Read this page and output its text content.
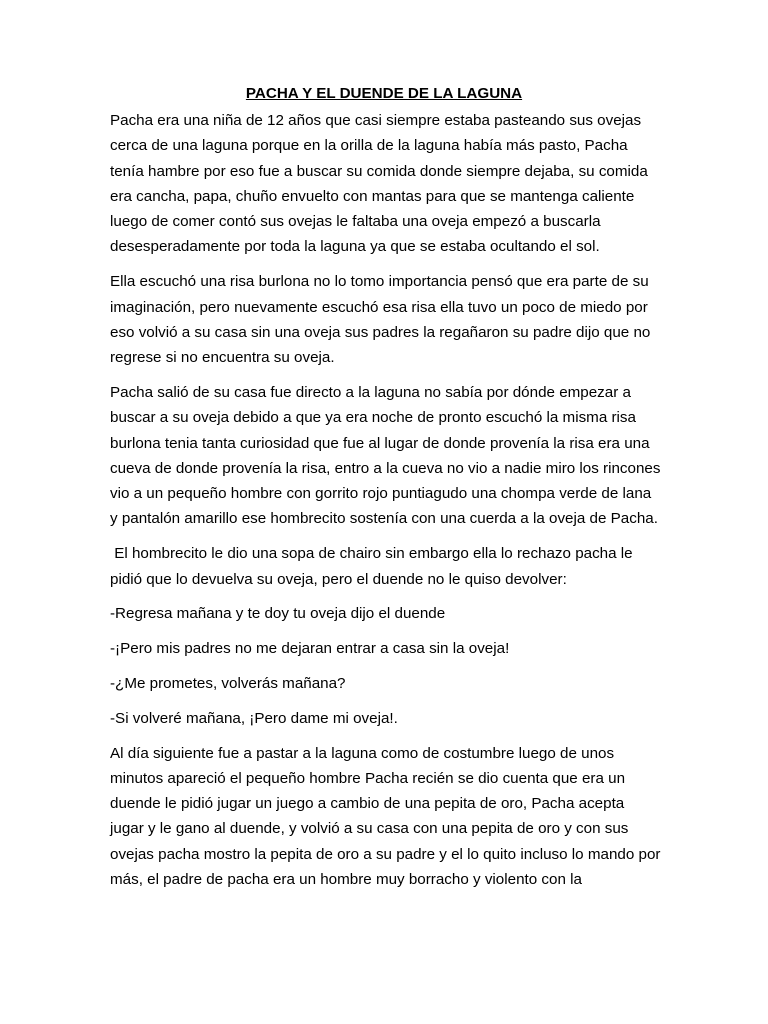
PACHA Y EL DUENDE DE LA LAGUNA

Pacha era una niña de 12 años que casi siempre estaba pasteando sus ovejas cerca de una laguna porque en la orilla de la laguna había más pasto, Pacha tenía hambre por eso fue a buscar su comida donde siempre dejaba, su comida era cancha, papa, chuño envuelto con mantas para que se mantenga caliente luego de comer contó sus ovejas le faltaba una oveja empezó a buscarla desesperadamente por toda la laguna ya que se estaba ocultando el sol.

Ella escuchó una risa burlona no lo tomo importancia pensó que era parte de su imaginación, pero nuevamente escuchó esa risa ella tuvo un poco de miedo por eso volvió a su casa sin una oveja sus padres la regañaron su padre dijo que no regrese si no encuentra su oveja.

Pacha salió de su casa fue directo a la laguna no sabía por dónde empezar a buscar a su oveja debido a que ya era noche de pronto escuchó la misma risa burlona tenia tanta curiosidad que fue al lugar de donde provenía la risa era una cueva de donde provenía la risa, entro a la cueva no vio a nadie miro los rincones vio a un pequeño hombre con gorrito rojo puntiagudo una chompa verde de lana y pantalón amarillo ese hombrecito sostenía con una cuerda a la oveja de Pacha.

El hombrecito le dio una sopa de chairo sin embargo ella lo rechazo pacha le pidió que lo devuelva su oveja, pero el duende no le quiso devolver:

-Regresa mañana y te doy tu oveja dijo el duende

-¡Pero mis padres no me dejaran entrar a casa sin la oveja!

-¿Me prometes, volverás mañana?

-Si volveré mañana, ¡Pero dame mi oveja!.

Al día siguiente fue a pastar a la laguna como de costumbre luego de unos minutos apareció el pequeño hombre Pacha recién se dio cuenta que era un duende le pidió jugar un juego a cambio de una pepita de oro, Pacha acepta jugar y le gano al duende, y volvió a su casa con una pepita de oro y con sus ovejas pacha mostro la pepita de oro a su padre y el lo quito incluso lo mando por más, el padre de pacha era un hombre muy borracho y violento con la
